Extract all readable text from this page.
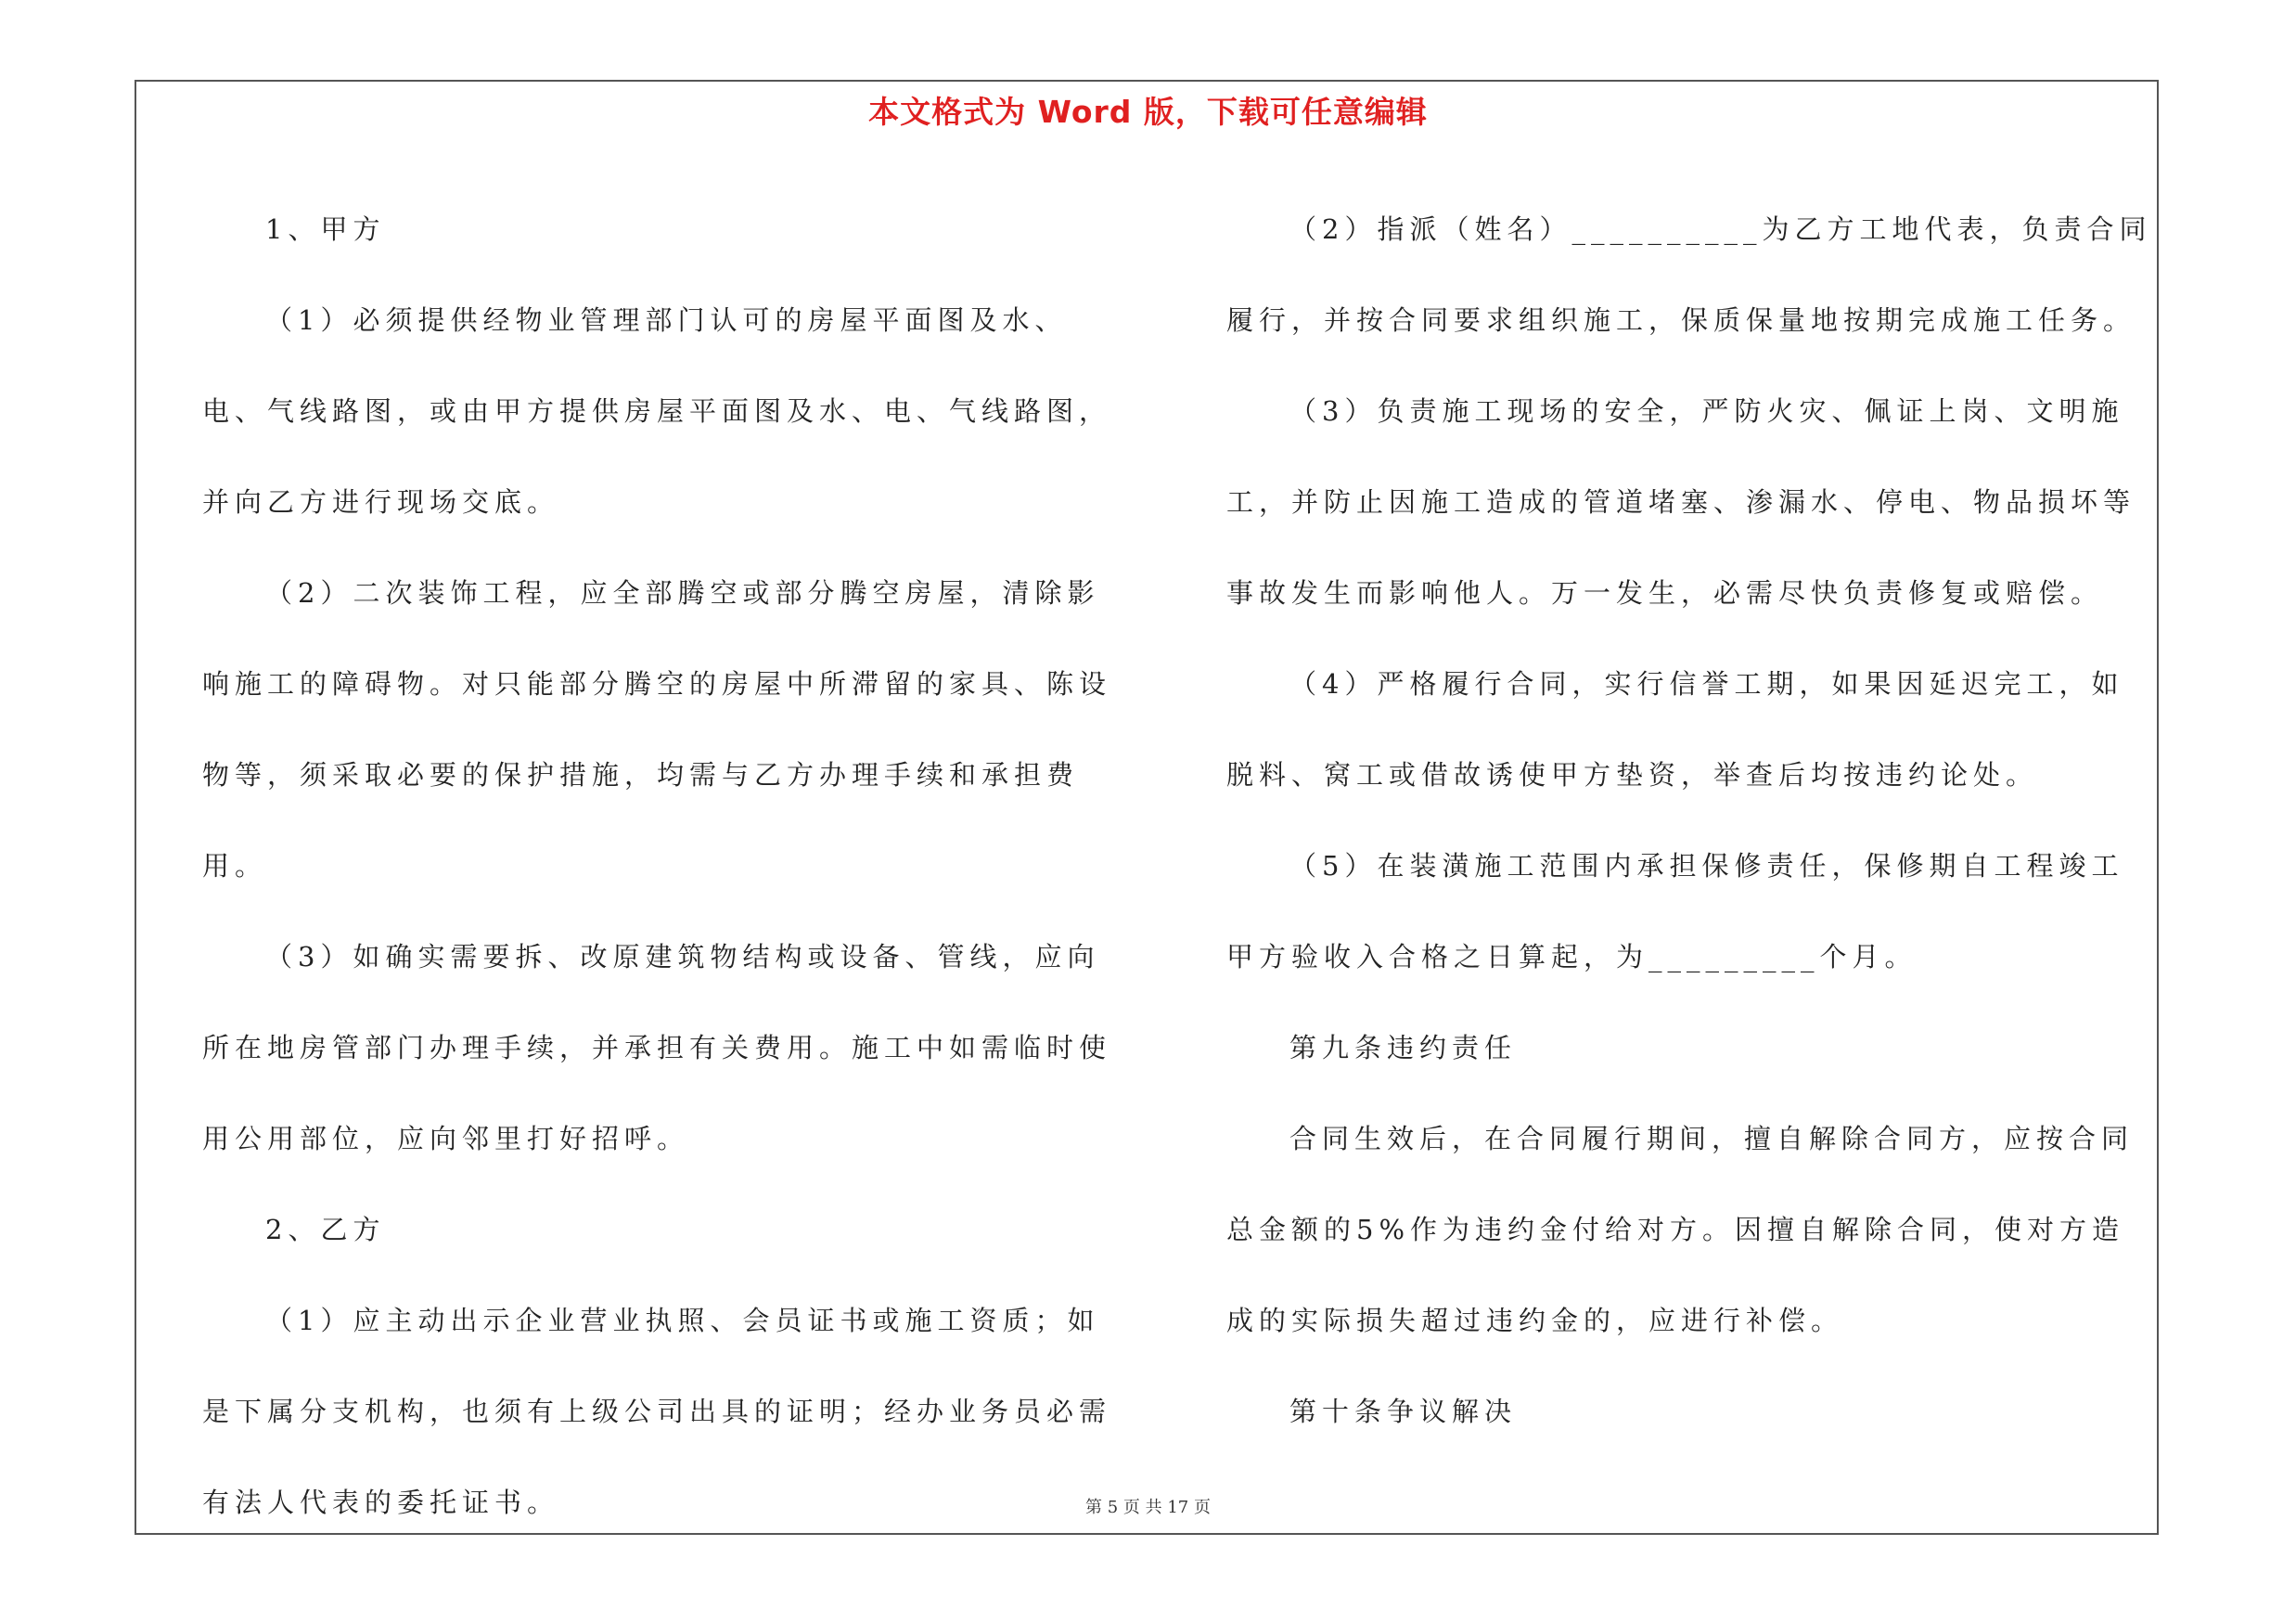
本文格式为 Word 版，下载可任意编辑

1、甲方

（1）必须提供经物业管理部门认可的房屋平面图及水、电、气线路图，或由甲方提供房屋平面图及水、电、气线路图，并向乙方进行现场交底。

（2）二次装饰工程，应全部腾空或部分腾空房屋，清除影响施工的障碍物。对只能部分腾空的房屋中所滞留的家具、陈设物等，须采取必要的保护措施，均需与乙方办理手续和承担费用。

（3）如确实需要拆、改原建筑物结构或设备、管线，应向所在地房管部门办理手续，并承担有关费用。施工中如需临时使用公用部位，应向邻里打好招呼。

2、乙方

（1）应主动出示企业营业执照、会员证书或施工资质；如是下属分支机构，也须有上级公司出具的证明；经办业务员必需有法人代表的委托证书。

（2）指派（姓名）__________为乙方工地代表，负责合同履行，并按合同要求组织施工，保质保量地按期完成施工任务。

（3）负责施工现场的安全，严防火灾、佩证上岗、文明施工，并防止因施工造成的管道堵塞、渗漏水、停电、物品损坏等事故发生而影响他人。万一发生，必需尽快负责修复或赔偿。

（4）严格履行合同，实行信誉工期，如果因延迟完工，如脱料、窝工或借故诱使甲方垫资，举查后均按违约论处。

（5）在装潢施工范围内承担保修责任，保修期自工程竣工甲方验收入合格之日算起，为_________个月。

第九条违约责任

合同生效后，在合同履行期间，擅自解除合同方，应按合同总金额的5%作为违约金付给对方。因擅自解除合同，使对方造成的实际损失超过违约金的，应进行补偿。

第十条争议解决

第 5 页 共 17 页
